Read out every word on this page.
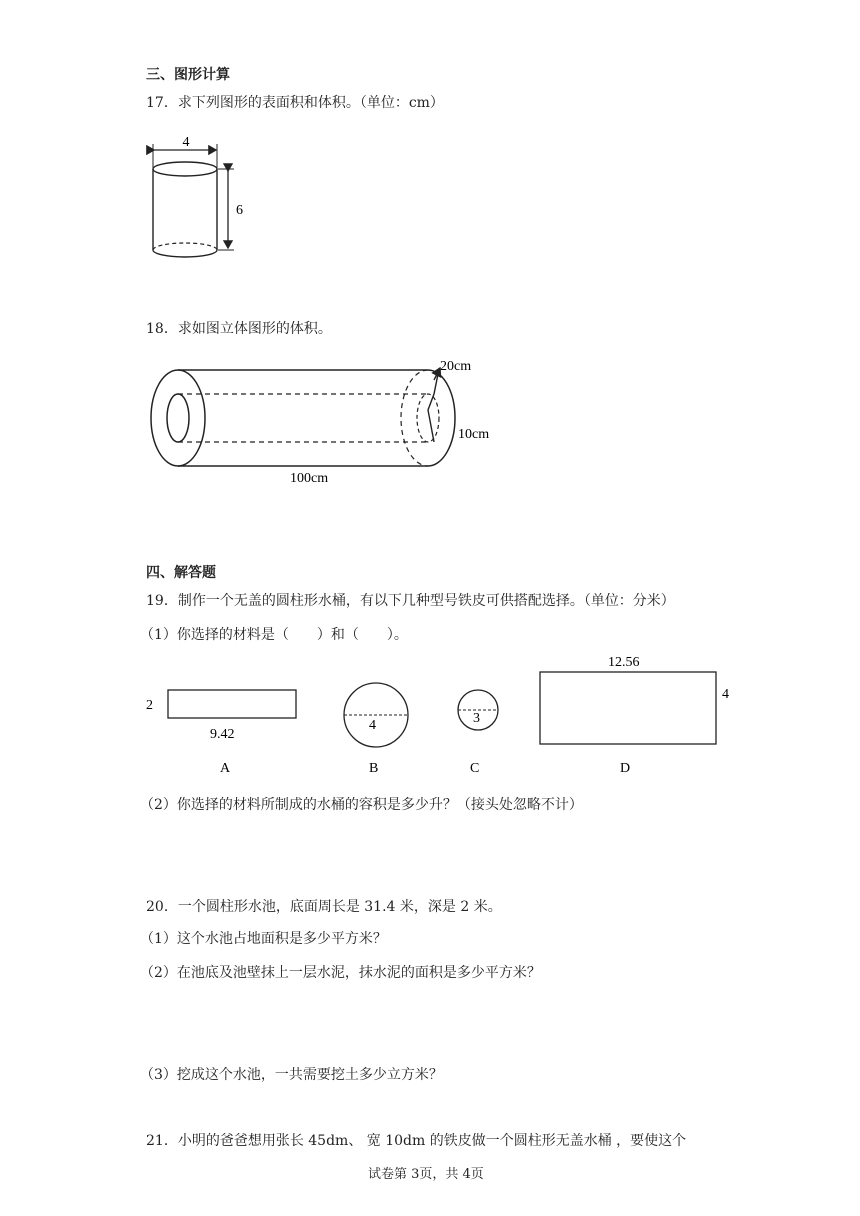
三、图形计算
17．求下列图形的表面积和体积。（单位：cm）
4
6
18．求如图立体图形的体积。
20cm
10cm
100cm
四、解答题
19．制作一个无盖的圆柱形水桶，有以下几种型号铁皮可供搭配选择。（单位：分米）
（1）你选择的材料是（　　）和（　　）。
2
9.42
A
4
B
3
C
12.56
4
D
（2）你选择的材料所制成的水桶的容积是多少升？（接头处忽略不计）
20．一个圆柱形水池，底面周长是 31.4 米，深是 2 米。
（1）这个水池占地面积是多少平方米？
（2）在池底及池壁抹上一层水泥，抹水泥的面积是多少平方米？
（3）挖成这个水池，一共需要挖土多少立方米？
21．小明的爸爸想用张长 45dm、 宽 10dm 的铁皮做一个圆柱形无盖水桶 ，要使这个
试卷第 3页，共 4页
